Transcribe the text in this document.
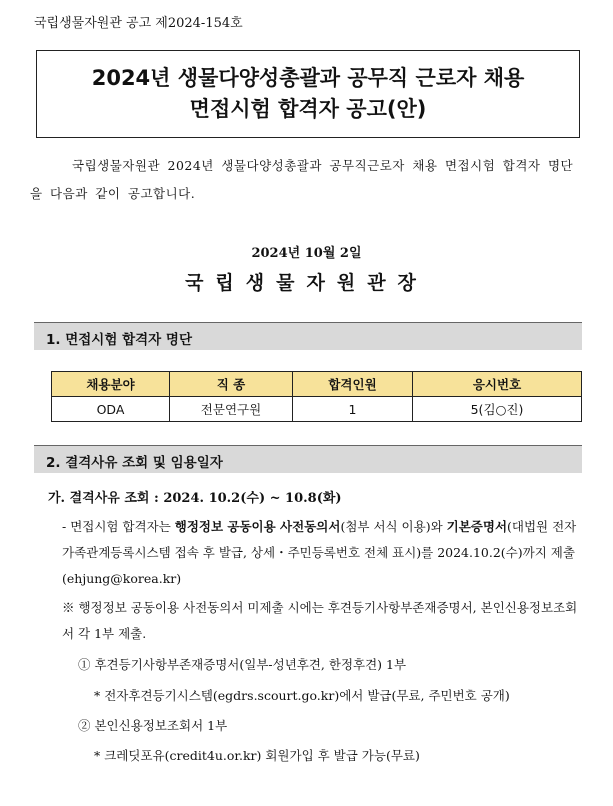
국립생물자원관 공고 제2024-154호
2024년 생물다양성총괄과 공무직 근로자 채용
면접시험 합격자 공고(안)
국립생물자원관 2024년 생물다양성총괄과 공무직근로자 채용 면접시험 합격자 명단을 다음과 같이 공고합니다.
2024년 10월 2일
국립생물자원관장
1. 면접시험 합격자 명단
채용분야	직 종	합격인원	응시번호
ODA	전문연구원	1	5(김○진)
2. 결격사유 조회 및 임용일자
가. 결격사유 조회 : 2024. 10.2(수) ~ 10.8(화)
- 면접시험 합격자는 행정정보 공동이용 사전동의서(첨부 서식 이용)와 기본증명서(대법원 전자가족관계등록시스템 접속 후 발급, 상세・주민등록번호 전체 표시)를 2024.10.2(수)까지 제출(ehjung@korea.kr)
※ 행정정보 공동이용 사전동의서 미제출 시에는 후견등기사항부존재증명서, 본인신용정보조회서 각 1부 제출.
① 후견등기사항부존재증명서(일부-성년후견, 한정후견) 1부
* 전자후견등기시스템(egdrs.scourt.go.kr)에서 발급(무료, 주민번호 공개)
② 본인신용정보조회서 1부
* 크레딧포유(credit4u.or.kr) 회원가입 후 발급 가능(무료)
